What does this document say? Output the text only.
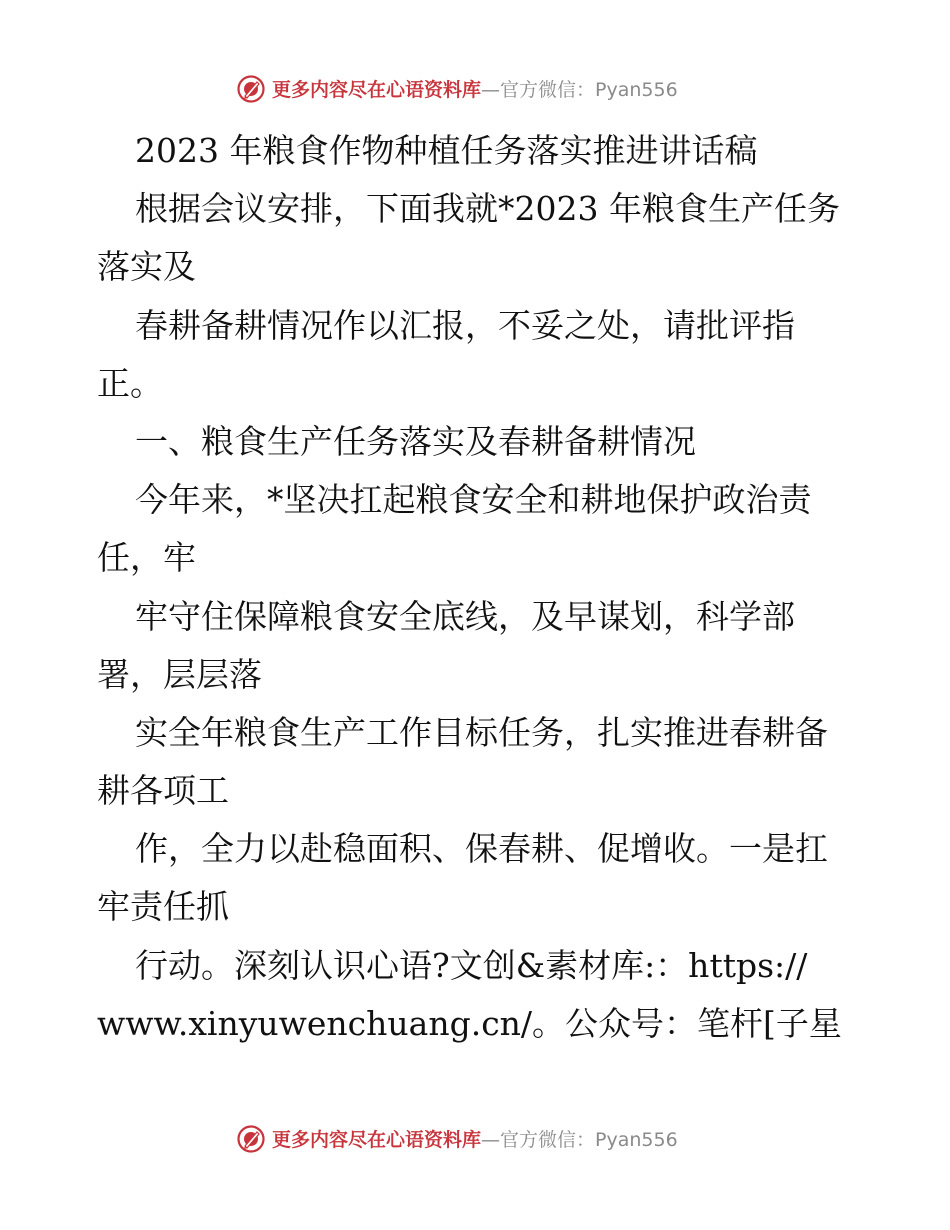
更多内容尽在心语资料库—官方微信：Pyan556
2023 年粮食作物种植任务落实推进讲话稿
根据会议安排，下面我就*2023 年粮食生产任务
落实及
春耕备耕情况作以汇报，不妥之处，请批评指
正。
一、粮食生产任务落实及春耕备耕情况
今年来，*坚决扛起粮食安全和耕地保护政治责
任，牢
牢守住保障粮食安全底线，及早谋划，科学部
署，层层落
实全年粮食生产工作目标任务，扎实推进春耕备
耕各项工
作，全力以赴稳面积、保春耕、促增收。一是扛
牢责任抓
行动。深刻认识心语?文创&素材库:：https://
www.xinyuwenchuang.cn/。公众号：笔杆[子星
更多内容尽在心语资料库—官方微信：Pyan556
